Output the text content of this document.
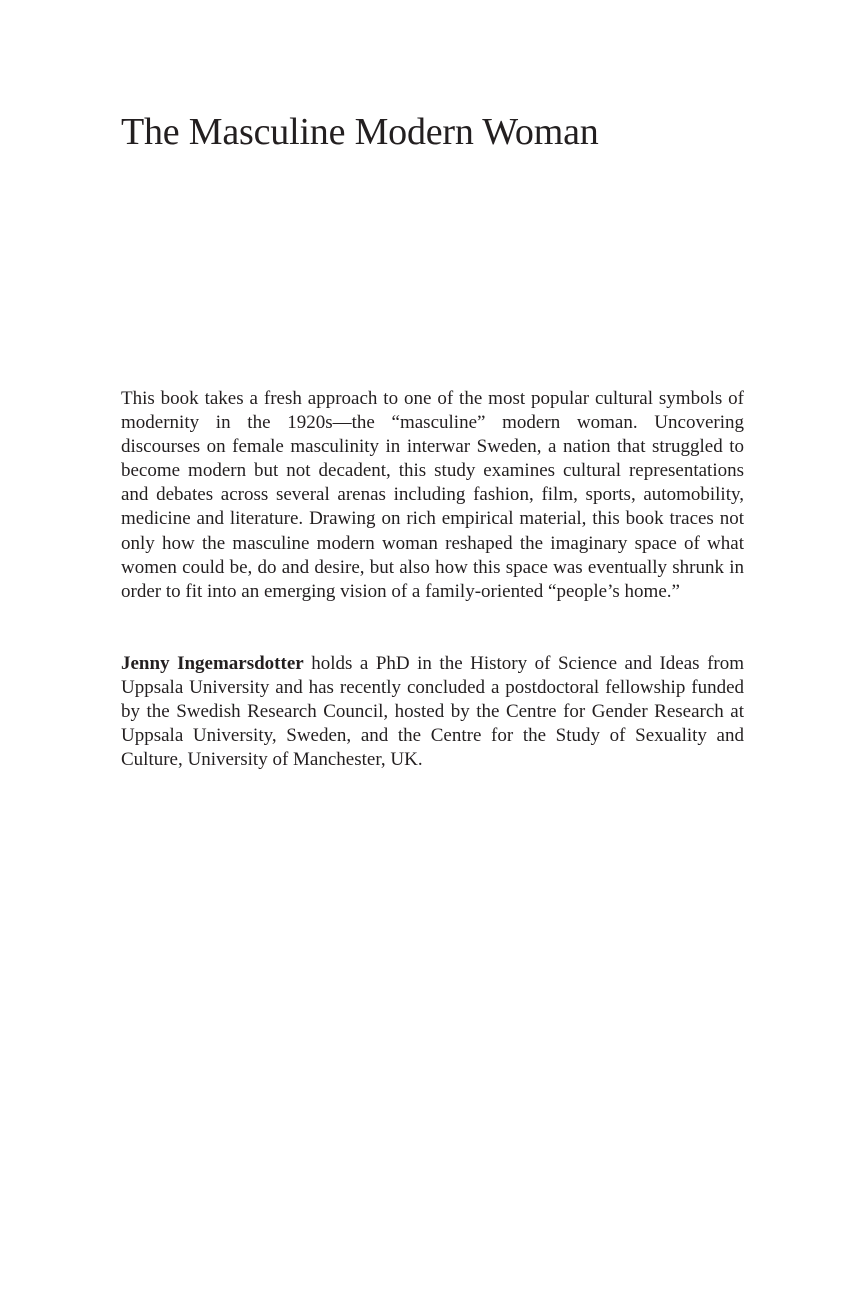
The Masculine Modern Woman

This book takes a fresh approach to one of the most popular cultural symbols of modernity in the 1920s—the “masculine” modern woman. Uncovering discourses on female masculinity in interwar Sweden, a nation that struggled to become modern but not decadent, this study examines cultural representations and debates across several arenas including fashion, film, sports, automobility, medicine and literature. Drawing on rich empirical material, this book traces not only how the masculine modern woman reshaped the imaginary space of what women could be, do and desire, but also how this space was eventually shrunk in order to fit into an emerging vision of a family-oriented “people’s home.”

Jenny Ingemarsdotter holds a PhD in the History of Science and Ideas from Uppsala University and has recently concluded a postdoctoral fellowship funded by the Swedish Research Council, hosted by the Centre for Gender Research at Uppsala University, Sweden, and the Centre for the Study of Sexuality and Culture, University of Manchester, UK.
